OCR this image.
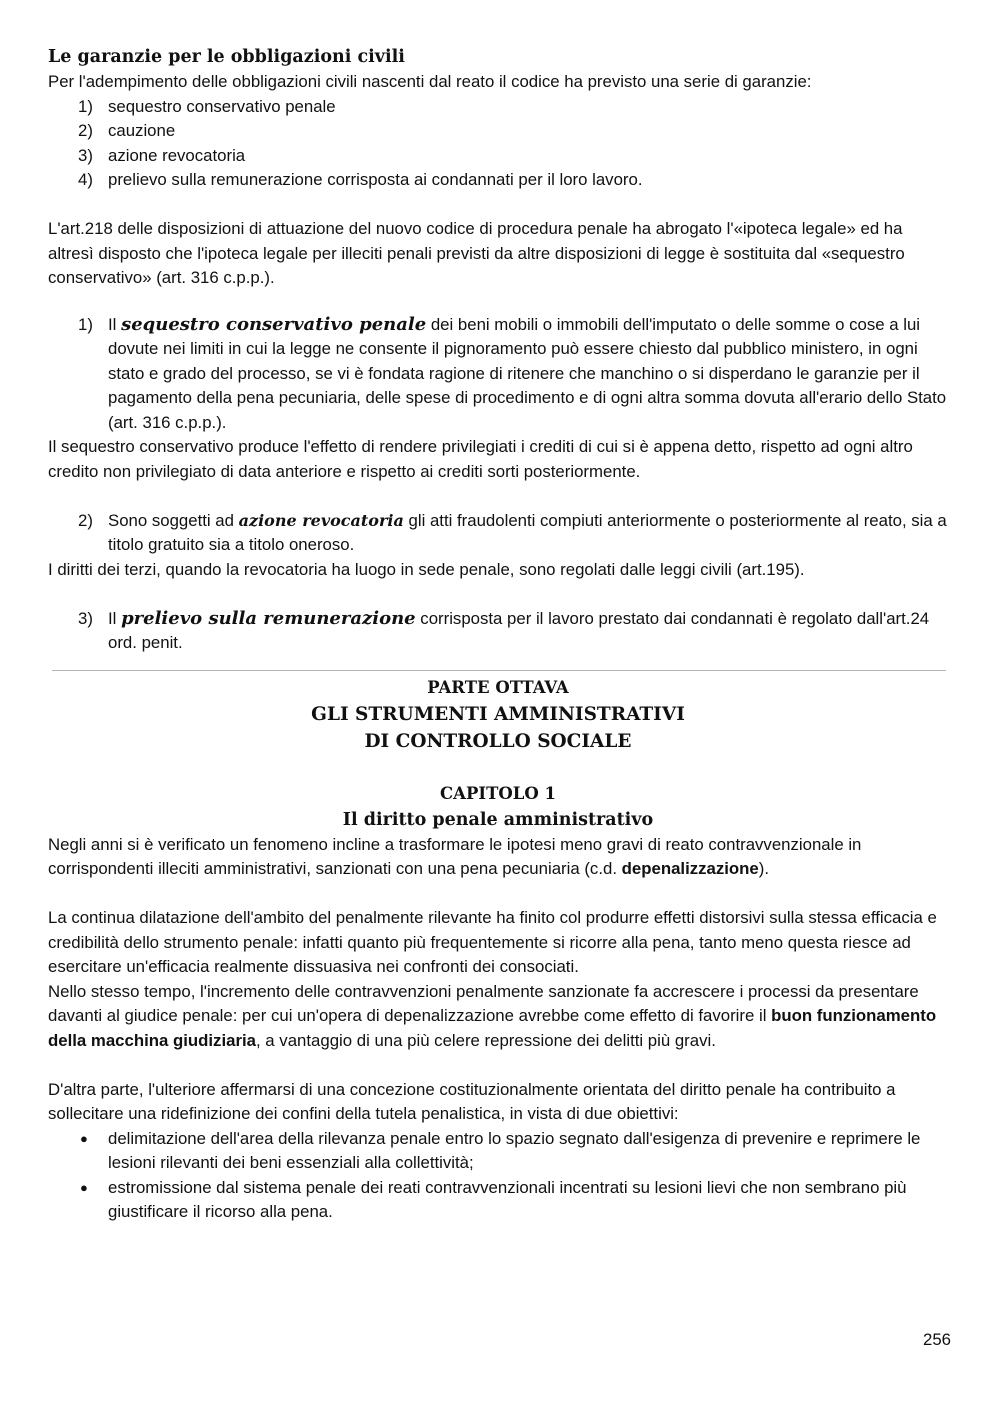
Le garanzie per le obbligazioni civili

Per l'adempimento delle obbligazioni civili nascenti dal reato il codice ha previsto una serie di garanzie:

1) sequestro conservativo penale
2) cauzione
3) azione revocatoria
4) prelievo sulla remunerazione corrisposta ai condannati per il loro lavoro.

L'art.218 delle disposizioni di attuazione del nuovo codice di procedura penale ha abrogato l'«ipoteca legale» ed ha altresì disposto che l'ipoteca legale per illeciti penali previsti da altre disposizioni di legge è sostituita dal «sequestro conservativo» (art. 316 c.p.p.).

1) Il sequestro conservativo penale dei beni mobili o immobili dell'imputato o delle somme o cose a lui dovute nei limiti in cui la legge ne consente il pignoramento può essere chiesto dal pubblico ministero, in ogni stato e grado del processo, se vi è fondata ragione di ritenere che manchino o si disperdano le garanzie per il pagamento della pena pecuniaria, delle spese di procedimento e di ogni altra somma dovuta all'erario dello Stato (art. 316 c.p.p.).

Il sequestro conservativo produce l'effetto di rendere privilegiati i crediti di cui si è appena detto, rispetto ad ogni altro credito non privilegiato di data anteriore e rispetto ai crediti sorti posteriormente.

2) Sono soggetti ad azione revocatoria gli atti fraudolenti compiuti anteriormente o posteriormente al reato, sia a titolo gratuito sia a titolo oneroso.

I diritti dei terzi, quando la revocatoria ha luogo in sede penale, sono regolati dalle leggi civili (art.195).

3) Il prelievo sulla remunerazione corrisposta per il lavoro prestato dai condannati è regolato dall'art.24 ord. penit.

PARTE OTTAVA

GLI STRUMENTI AMMINISTRATIVI

DI CONTROLLO SOCIALE

CAPITOLO 1

Il diritto penale amministrativo

Negli anni si è verificato un fenomeno incline a trasformare le ipotesi meno gravi di reato contravvenzionale in corrispondenti illeciti amministrativi, sanzionati con una pena pecuniaria (c.d. depenalizzazione).

La continua dilatazione dell'ambito del penalmente rilevante ha finito col produrre effetti distorsivi sulla stessa efficacia e credibilità dello strumento penale: infatti quanto più frequentemente si ricorre alla pena, tanto meno questa riesce ad esercitare un'efficacia realmente dissuasiva nei confronti dei consociati.

Nello stesso tempo, l'incremento delle contravvenzioni penalmente sanzionate fa accrescere i processi da presentare davanti al giudice penale: per cui un'opera di depenalizzazione avrebbe come effetto di favorire il buon funzionamento della macchina giudiziaria, a vantaggio di una più celere repressione dei delitti più gravi.

D'altra parte, l'ulteriore affermarsi di una concezione costituzionalmente orientata del diritto penale ha contribuito a sollecitare una ridefinizione dei confini della tutela penalistica, in vista di due obiettivi:

● delimitazione dell'area della rilevanza penale entro lo spazio segnato dall'esigenza di prevenire e reprimere le lesioni rilevanti dei beni essenziali alla collettività;
● estromissione dal sistema penale dei reati contravvenzionali incentrati su lesioni lievi che non sembrano più giustificare il ricorso alla pena.
256
